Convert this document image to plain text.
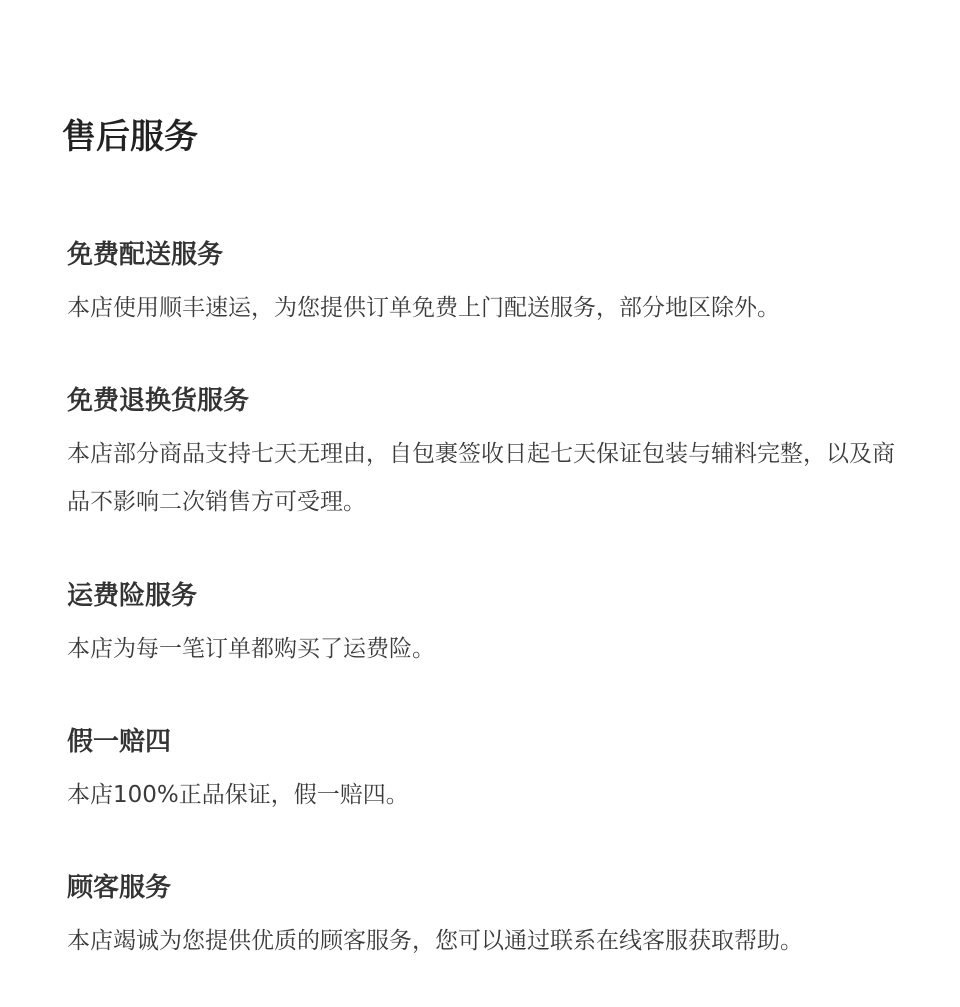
售后服务
免费配送服务

本店使用顺丰速运，为您提供订单免费上门配送服务，部分地区除外。

免费退换货服务

本店部分商品支持七天无理由，自包裹签收日起七天保证包装与辅料完整，以及商品不影响二次销售方可受理。

运费险服务

本店为每一笔订单都购买了运费险。

假一赔四

本店100%正品保证，假一赔四。

顾客服务

本店竭诚为您提供优质的顾客服务，您可以通过联系在线客服获取帮助。
